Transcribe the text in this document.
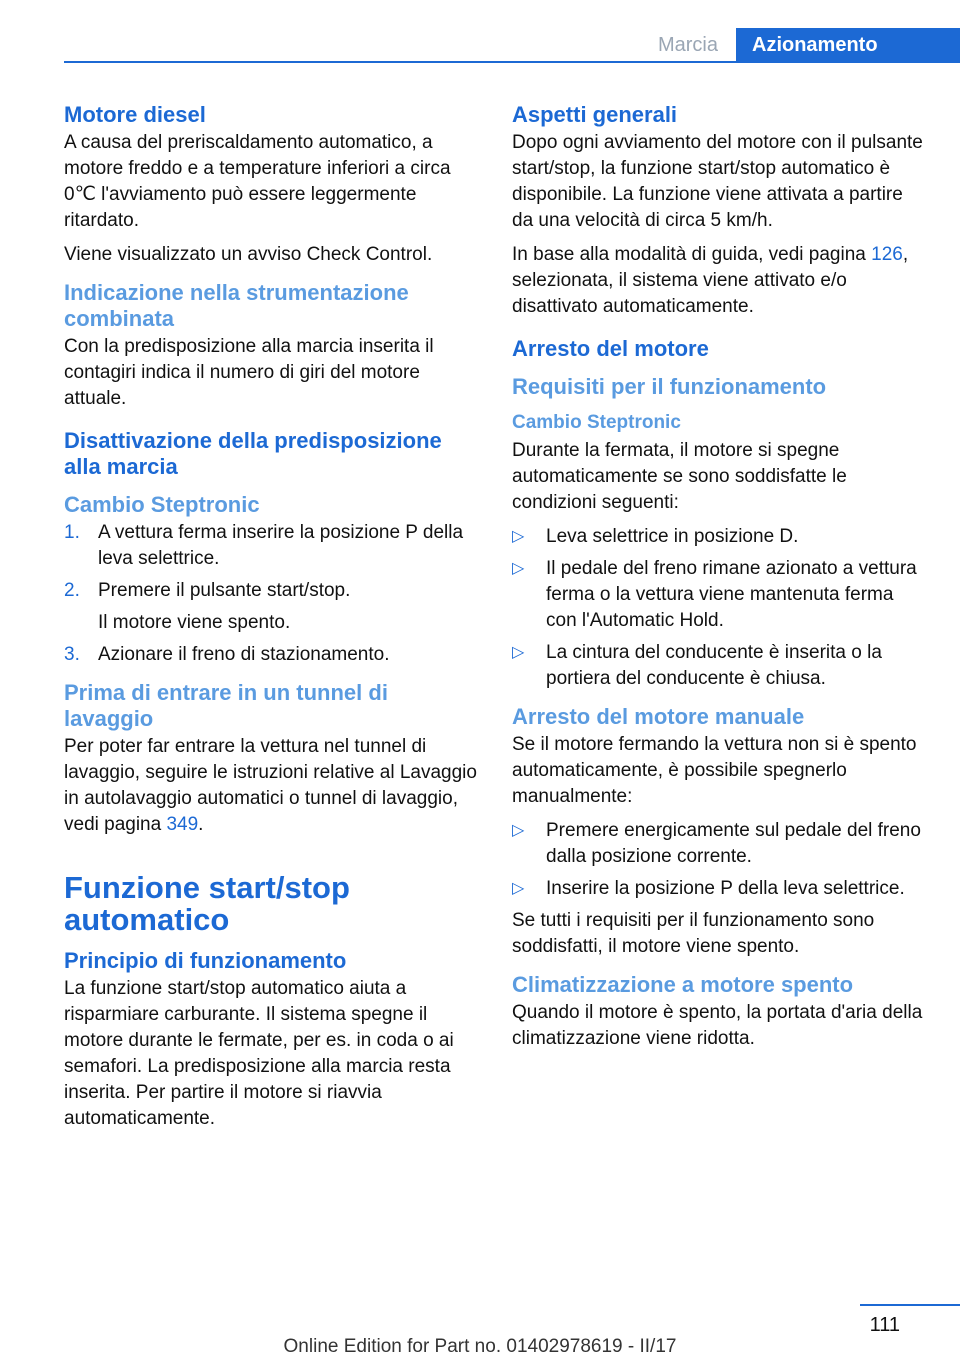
Marcia	Azionamento
Motore diesel

A causa del preriscaldamento automatico, a motore freddo e a temperature inferiori a circa 0℃ l'avviamento può essere leggermente ritardato.

Viene visualizzato un avviso Check Control.

Indicazione nella strumentazione combinata

Con la predisposizione alla marcia inserita il contagiri indica il numero di giri del motore attuale.

Disattivazione della predisposizione alla marcia
Cambio Steptronic
1. A vettura ferma inserire la posizione P della leva selettrice.
2. Premere il pulsante start/stop.
Il motore viene spento.
3. Azionare il freno di stazionamento.
Prima di entrare in un tunnel di lavaggio

Per poter far entrare la vettura nel tunnel di lavaggio, seguire le istruzioni relative al Lavaggio in autolavaggio automatici o tunnel di lavaggio, vedi pagina 349.

Funzione start/stop automatico
Principio di funzionamento

La funzione start/stop automatico aiuta a risparmiare carburante. Il sistema spegne il motore durante le fermate, per es. in coda o ai semafori. La predisposizione alla marcia resta inserita. Per partire il motore si riavvia automaticamente.

Aspetti generali

Dopo ogni avviamento del motore con il pulsante start/stop, la funzione start/stop automatico è disponibile. La funzione viene attivata a partire da una velocità di circa 5 km/h.

In base alla modalità di guida, vedi pagina 126, selezionata, il sistema viene attivato e/o disattivato automaticamente.

Arresto del motore
Requisiti per il funzionamento
Cambio Steptronic

Durante la fermata, il motore si spegne automaticamente se sono soddisfatte le condizioni seguenti:

▷ Leva selettrice in posizione D.
▷ Il pedale del freno rimane azionato a vettura ferma o la vettura viene mantenuta ferma con l'Automatic Hold.
▷ La cintura del conducente è inserita o la portiera del conducente è chiusa.
Arresto del motore manuale

Se il motore fermando la vettura non si è spento automaticamente, è possibile spegnerlo manualmente:

▷ Premere energicamente sul pedale del freno dalla posizione corrente.
▷ Inserire la posizione P della leva selettrice.

Se tutti i requisiti per il funzionamento sono soddisfatti, il motore viene spento.

Climatizzazione a motore spento

Quando il motore è spento, la portata d'aria della climatizzazione viene ridotta.

111
Online Edition for Part no. 01402978619 - II/17
